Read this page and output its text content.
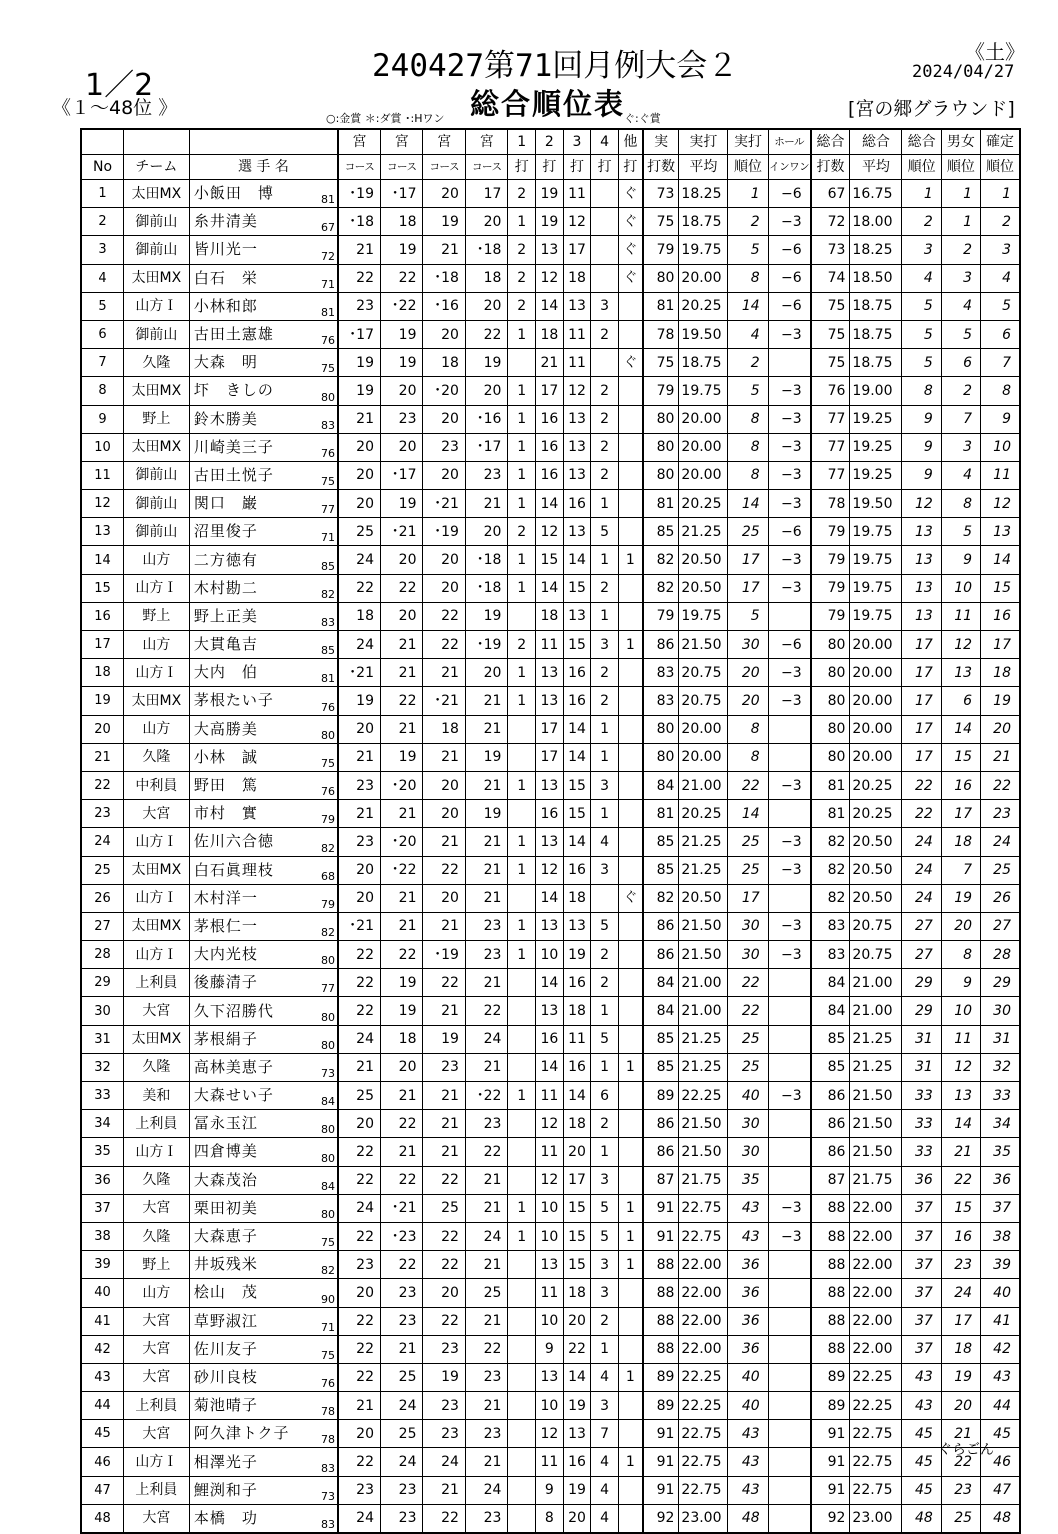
1／2
《１～48位 》
240427第71回月例大会２
総合順位表
《土》
2024/04/27
[宮の郷グラウンド]
○:金賞 ＊:ダ賞 ･:Hワン	ぐ:ぐ賞
				宮	宮	宮	宮	1	2	3	4	他	実	実打	実打	ホール	総合	総合	総合	男女	確定
No	チーム	選 手 名		コース	コース	コース	コース	打	打	打	打	打	打数	平均	順位	インワン	打数	平均	順位	順位	順位
1	太田MX	小飯田　博	81	･19	･17	20	17	2	19	11		ぐ	73	18.25	1	−6	67	16.75	1	1	1
2	御前山	糸井清美	67	･18	18	19	20	1	19	12		ぐ	75	18.75	2	−3	72	18.00	2	1	2
3	御前山	皆川光一	72	21	19	21	･18	2	13	17		ぐ	79	19.75	5	−6	73	18.25	3	2	3
4	太田MX	白石　栄	71	22	22	･18	18	2	12	18		ぐ	80	20.00	8	−6	74	18.50	4	3	4
5	山方Ｉ	小林和郎	81	23	･22	･16	20	2	14	13	3		81	20.25	14	−6	75	18.75	5	4	5
6	御前山	古田土憲雄	76	･17	19	20	22	1	18	11	2		78	19.50	4	−3	75	18.75	5	5	6
7	久隆	大森　明	75	19	19	18	19		21	11		ぐ	75	18.75	2		75	18.75	5	6	7
8	太田MX	圷　きしの	80	19	20	･20	20	1	17	12	2		79	19.75	5	−3	76	19.00	8	2	8
9	野上	鈴木勝美	83	21	23	20	･16	1	16	13	2		80	20.00	8	−3	77	19.25	9	7	9
10	太田MX	川崎美三子	76	20	20	23	･17	1	16	13	2		80	20.00	8	−3	77	19.25	9	3	10
11	御前山	古田土悦子	75	20	･17	20	23	1	16	13	2		80	20.00	8	−3	77	19.25	9	4	11
12	御前山	関口　巌	77	20	19	･21	21	1	14	16	1		81	20.25	14	−3	78	19.50	12	8	12
13	御前山	沼里俊子	71	25	･21	･19	20	2	12	13	5		85	21.25	25	−6	79	19.75	13	5	13
14	山方	二方徳有	85	24	20	20	･18	1	15	14	1	1	82	20.50	17	−3	79	19.75	13	9	14
15	山方Ｉ	木村勘二	82	22	22	20	･18	1	14	15	2		82	20.50	17	−3	79	19.75	13	10	15
16	野上	野上正美	83	18	20	22	19		18	13	1		79	19.75	5		79	19.75	13	11	16
17	山方	大貫亀吉	85	24	21	22	･19	2	11	15	3	1	86	21.50	30	−6	80	20.00	17	12	17
18	山方Ｉ	大内　伯	81	･21	21	21	20	1	13	16	2		83	20.75	20	−3	80	20.00	17	13	18
19	太田MX	茅根たい子	76	19	22	･21	21	1	13	16	2		83	20.75	20	−3	80	20.00	17	6	19
20	山方	大高勝美	80	20	21	18	21		17	14	1		80	20.00	8		80	20.00	17	14	20
21	久隆	小林　誠	75	21	19	21	19		17	14	1		80	20.00	8		80	20.00	17	15	21
22	中利員	野田　篤	76	23	･20	20	21	1	13	15	3		84	21.00	22	−3	81	20.25	22	16	22
23	大宮	市村　實	79	21	21	20	19		16	15	1		81	20.25	14		81	20.25	22	17	23
24	山方Ｉ	佐川六合徳	82	23	･20	21	21	1	13	14	4		85	21.25	25	−3	82	20.50	24	18	24
25	太田MX	白石眞理枝	68	20	･22	22	21	1	12	16	3		85	21.25	25	−3	82	20.50	24	7	25
26	山方Ｉ	木村洋一	79	20	21	20	21		14	18		ぐ	82	20.50	17		82	20.50	24	19	26
27	太田MX	茅根仁一	82	･21	21	21	23	1	13	13	5		86	21.50	30	−3	83	20.75	27	20	27
28	山方Ｉ	大内光枝	80	22	22	･19	23	1	10	19	2		86	21.50	30	−3	83	20.75	27	8	28
29	上利員	後藤清子	77	22	19	22	21		14	16	2		84	21.00	22		84	21.00	29	9	29
30	大宮	久下沼勝代	80	22	19	21	22		13	18	1		84	21.00	22		84	21.00	29	10	30
31	太田MX	茅根絹子	80	24	18	19	24		16	11	5		85	21.25	25		85	21.25	31	11	31
32	久隆	高林美恵子	73	21	20	23	21		14	16	1	1	85	21.25	25		85	21.25	31	12	32
33	美和	大森せい子	84	25	21	21	･22	1	11	14	6		89	22.25	40	−3	86	21.50	33	13	33
34	上利員	冨永玉江	80	20	22	21	23		12	18	2		86	21.50	30		86	21.50	33	14	34
35	山方Ｉ	四倉博美	80	22	21	21	22		11	20	1		86	21.50	30		86	21.50	33	21	35
36	久隆	大森茂治	84	22	22	22	21		12	17	3		87	21.75	35		87	21.75	36	22	36
37	大宮	栗田初美	80	24	･21	25	21	1	10	15	5	1	91	22.75	43	−3	88	22.00	37	15	37
38	久隆	大森恵子	75	22	･23	22	24	1	10	15	5	1	91	22.75	43	−3	88	22.00	37	16	38
39	野上	井坂残米	82	23	22	22	21		13	15	3	1	88	22.00	36		88	22.00	37	23	39
40	山方	桧山　茂	90	20	23	20	25		11	18	3		88	22.00	36		88	22.00	37	24	40
41	大宮	草野淑江	71	22	23	22	21		10	20	2		88	22.00	36		88	22.00	37	17	41
42	大宮	佐川友子	75	22	21	23	22		9	22	1		88	22.00	36		88	22.00	37	18	42
43	大宮	砂川良枝	76	22	25	19	23		13	14	4	1	89	22.25	40		89	22.25	43	19	43
44	上利員	菊池晴子	78	21	24	23	21		10	19	3		89	22.25	40		89	22.25	43	20	44
45	大宮	阿久津トク子	78	20	25	23	23		12	13	7		91	22.75	43		91	22.75	45	21	45
46	山方Ｉ	相澤光子	83	22	24	24	21		11	16	4	1	91	22.75	43		91	22.75	45	22	46
47	上利員	鯉渕和子	73	23	23	21	24		9	19	4		91	22.75	43		91	22.75	45	23	47
48	大宮	本橋　功	83	24	23	22	23		8	20	4		92	23.00	48		92	23.00	48	25	48
ぐらごん
